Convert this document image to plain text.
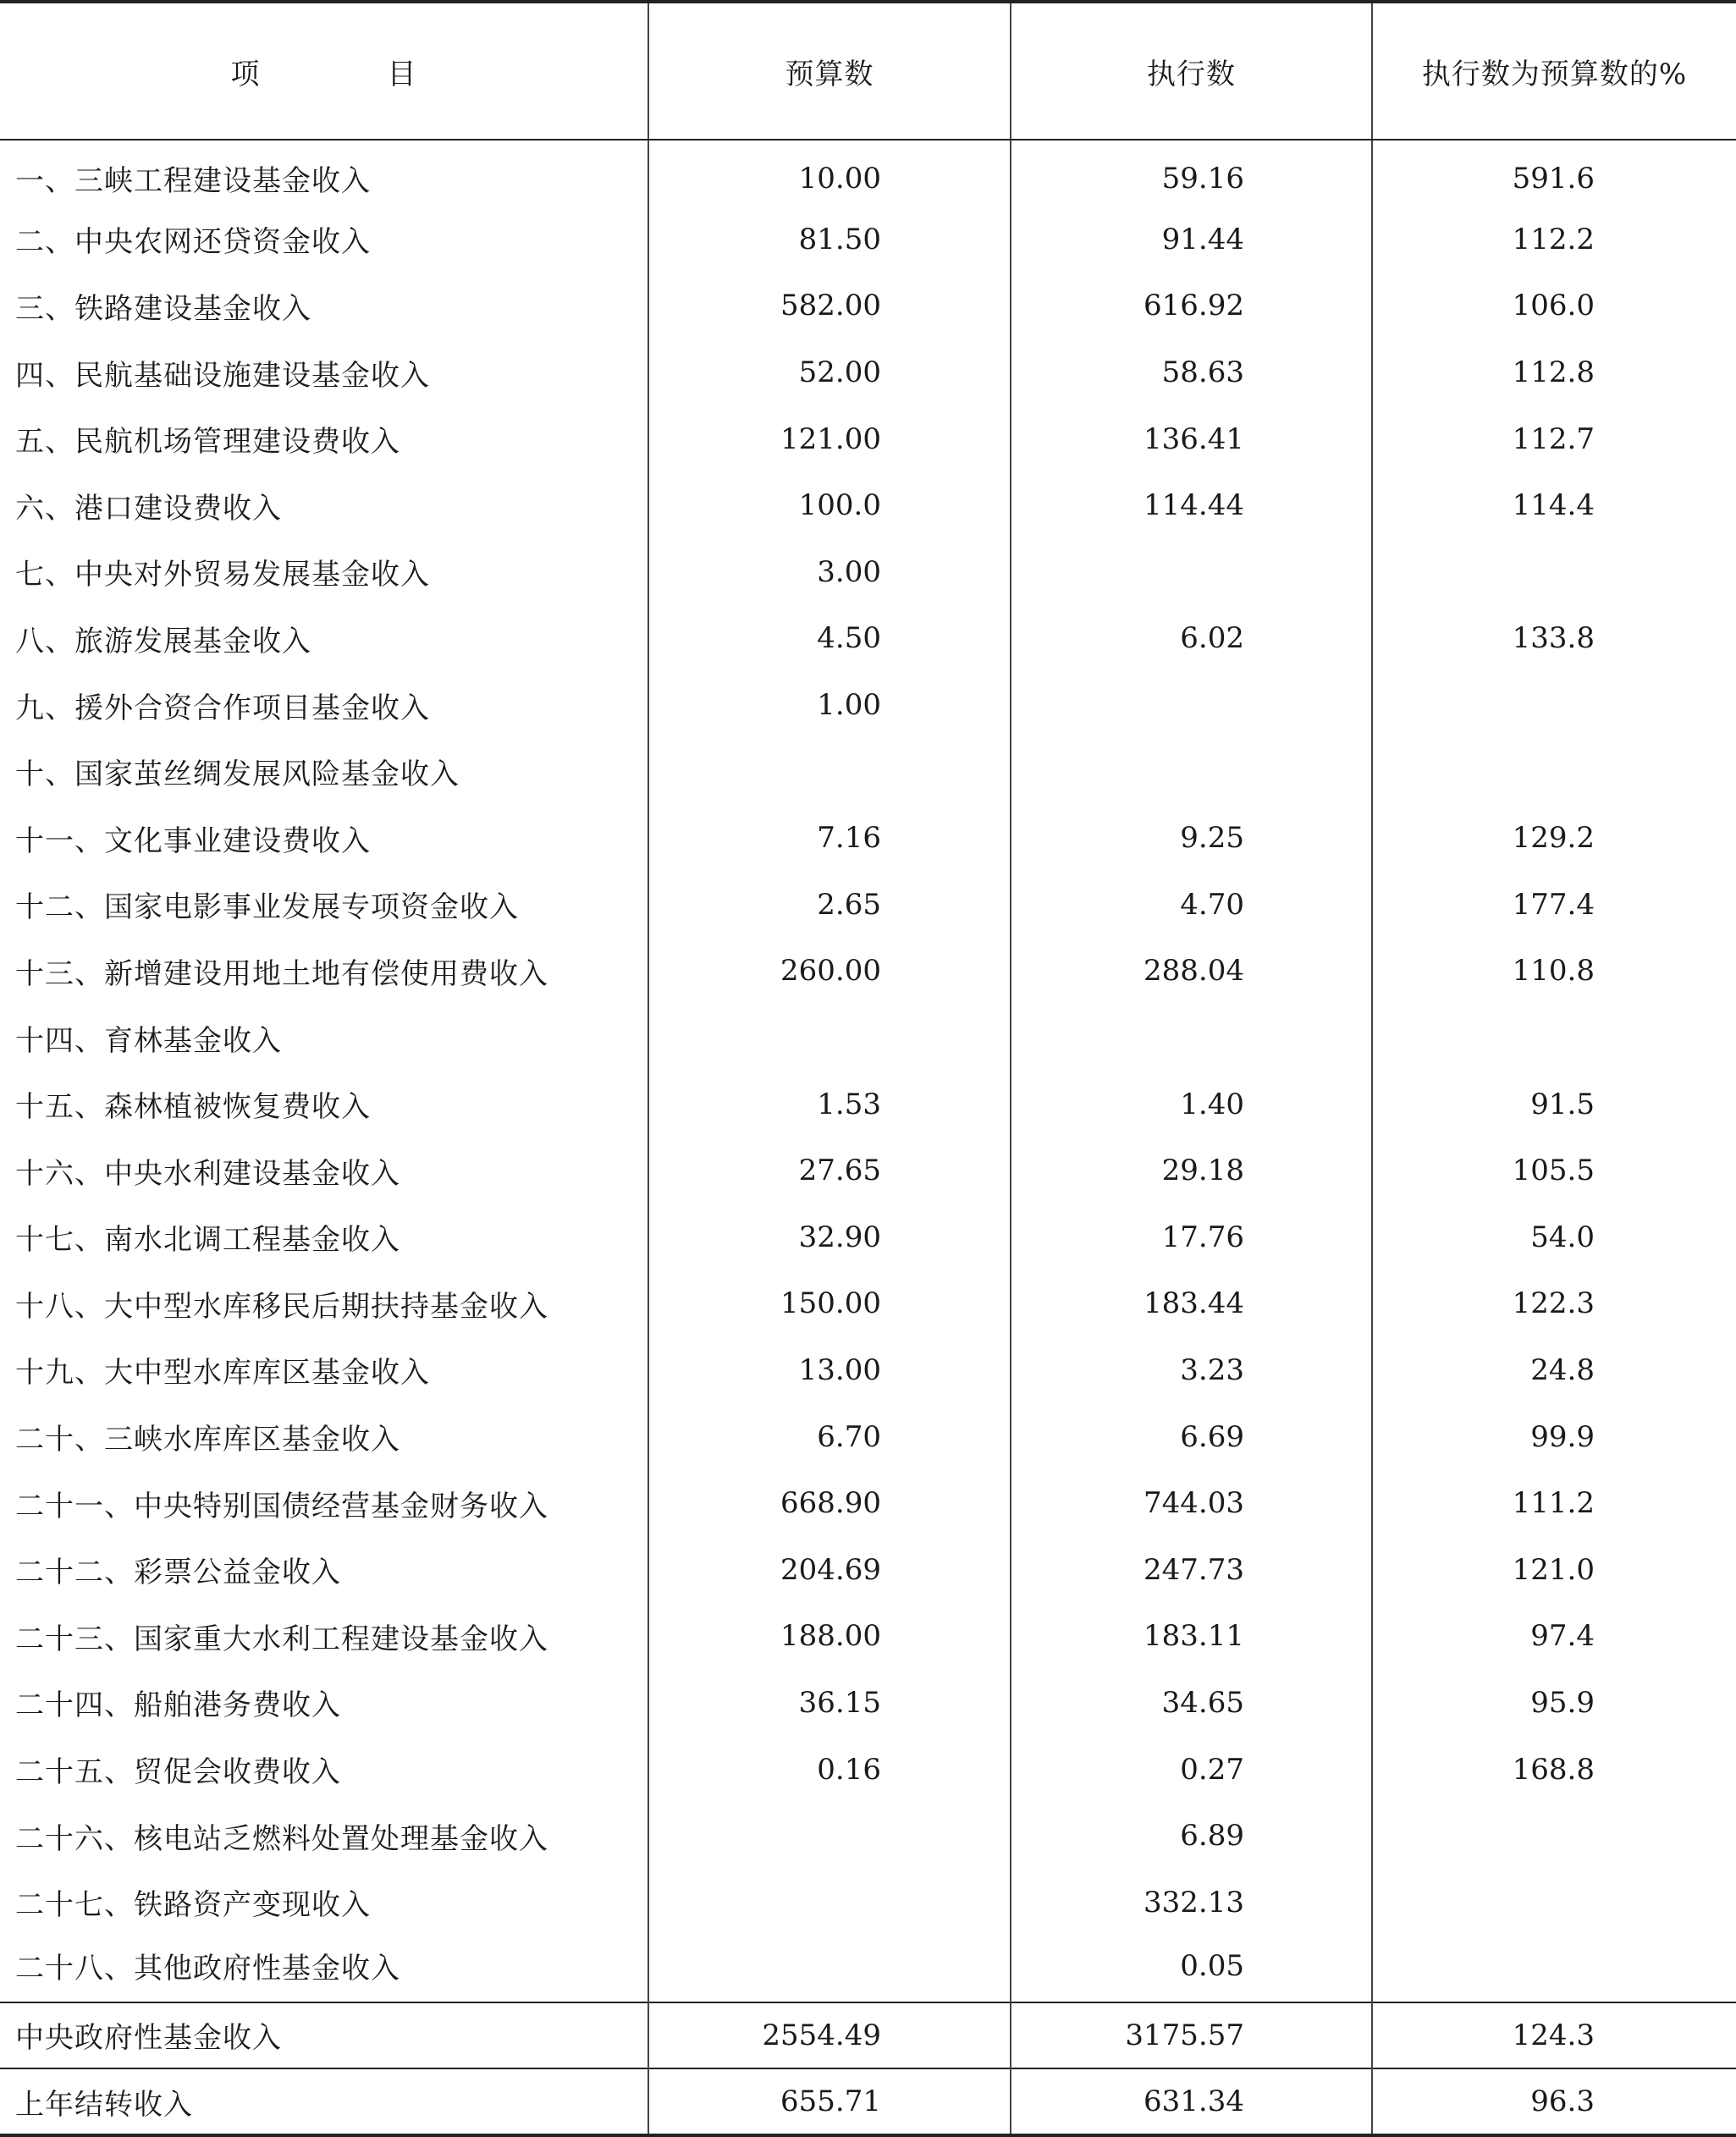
项 目	预算数	执行数	执行数为预算数的%
一、三峡工程建设基金收入	10.00	59.16	591.6
二、中央农网还贷资金收入	81.50	91.44	112.2
三、铁路建设基金收入	582.00	616.92	106.0
四、民航基础设施建设基金收入	52.00	58.63	112.8
五、民航机场管理建设费收入	121.00	136.41	112.7
六、港口建设费收入	100.0	114.44	114.4
七、中央对外贸易发展基金收入	3.00		
八、旅游发展基金收入	4.50	6.02	133.8
九、援外合资合作项目基金收入	1.00		
十、国家茧丝绸发展风险基金收入			
十一、文化事业建设费收入	7.16	9.25	129.2
十二、国家电影事业发展专项资金收入	2.65	4.70	177.4
十三、新增建设用地土地有偿使用费收入	260.00	288.04	110.8
十四、育林基金收入			
十五、森林植被恢复费收入	1.53	1.40	91.5
十六、中央水利建设基金收入	27.65	29.18	105.5
十七、南水北调工程基金收入	32.90	17.76	54.0
十八、大中型水库移民后期扶持基金收入	150.00	183.44	122.3
十九、大中型水库库区基金收入	13.00	3.23	24.8
二十、三峡水库库区基金收入	6.70	6.69	99.9
二十一、中央特别国债经营基金财务收入	668.90	744.03	111.2
二十二、彩票公益金收入	204.69	247.73	121.0
二十三、国家重大水利工程建设基金收入	188.00	183.11	97.4
二十四、船舶港务费收入	36.15	34.65	95.9
二十五、贸促会收费收入	0.16	0.27	168.8
二十六、核电站乏燃料处置处理基金收入		6.89	
二十七、铁路资产变现收入		332.13	
二十八、其他政府性基金收入		0.05	
中央政府性基金收入	2554.49	3175.57	124.3
上年结转收入	655.71	631.34	96.3
